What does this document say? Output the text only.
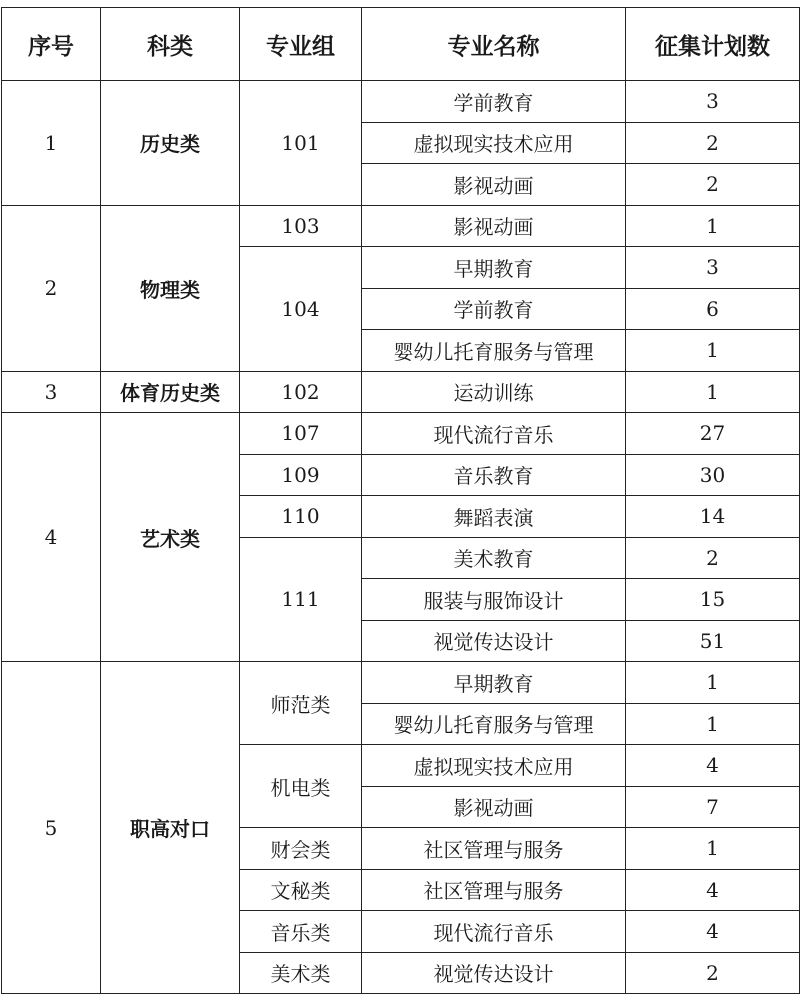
序号	科类	专业组	专业名称	征集计划数
1	历史类	101	学前教育	3
			虚拟现实技术应用	2
			影视动画	2
2	物理类	103	影视动画	1
		104	早期教育	3
			学前教育	6
			婴幼儿托育服务与管理	1
3	体育历史类	102	运动训练	1
4	艺术类	107	现代流行音乐	27
		109	音乐教育	30
		110	舞蹈表演	14
		111	美术教育	2
			服装与服饰设计	15
			视觉传达设计	51
5	职高对口	师范类	早期教育	1
			婴幼儿托育服务与管理	1
		机电类	虚拟现实技术应用	4
			影视动画	7
		财会类	社区管理与服务	1
		文秘类	社区管理与服务	4
		音乐类	现代流行音乐	4
		美术类	视觉传达设计	2
